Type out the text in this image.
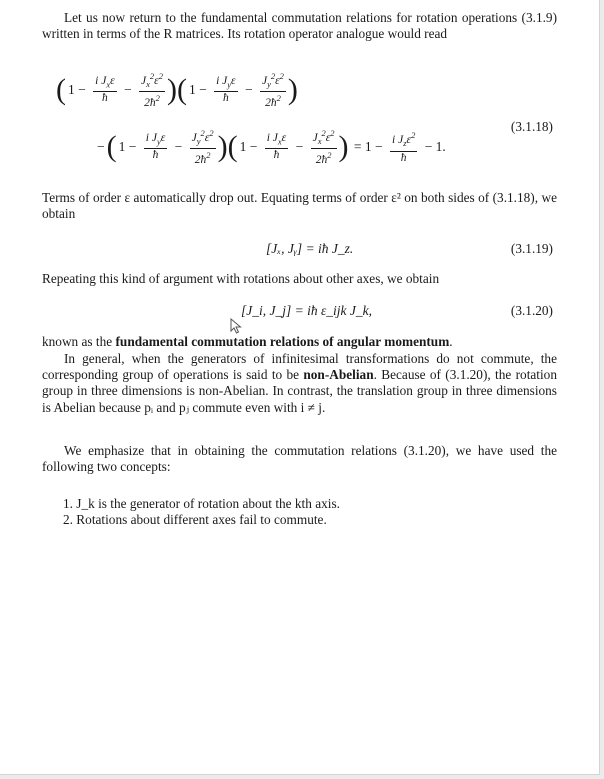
Let us now return to the fundamental commutation relations for rotation operations (3.1.9) written in terms of the R matrices. Its rotation operator analogue would read
( $1 - \frac{i J_x\varepsilon}{ħ} - \frac{J_x^2\varepsilon^2}{2ħ^2}$ )( $1 - \frac{i J_y\varepsilon}{ħ} - \frac{J_y^2\varepsilon^2}{2ħ^2}$ )
−( $1 - \frac{i J_y\varepsilon}{ħ} - \frac{J_y^2\varepsilon^2}{2ħ^2}$ )( $1 - \frac{i J_x\varepsilon}{ħ} - \frac{J_x^2\varepsilon^2}{2ħ^2}$ ) = $1 - \frac{i J_z\varepsilon^2}{ħ} - 1$.
(3.1.18)
Terms of order ε automatically drop out. Equating terms of order ε² on both sides of (3.1.18), we obtain
[Jₓ, Jᵧ] = iħ J_z.	(3.1.19)
Repeating this kind of argument with rotations about other axes, we obtain
[J_i, J_j] = iħ ε_ijk J_k,	(3.1.20)
known as the fundamental commutation relations of angular momentum.
In general, when the generators of infinitesimal transformations do not commute, the corresponding group of operations is said to be non-Abelian. Because of (3.1.20), the rotation group in three dimensions is non-Abelian. In contrast, the translation group in three dimensions is Abelian because pᵢ and pⱼ commute even with i ≠ j.
We emphasize that in obtaining the commutation relations (3.1.20), we have used the following two concepts:
1. J_k is the generator of rotation about the kth axis.
2. Rotations about different axes fail to commute.
